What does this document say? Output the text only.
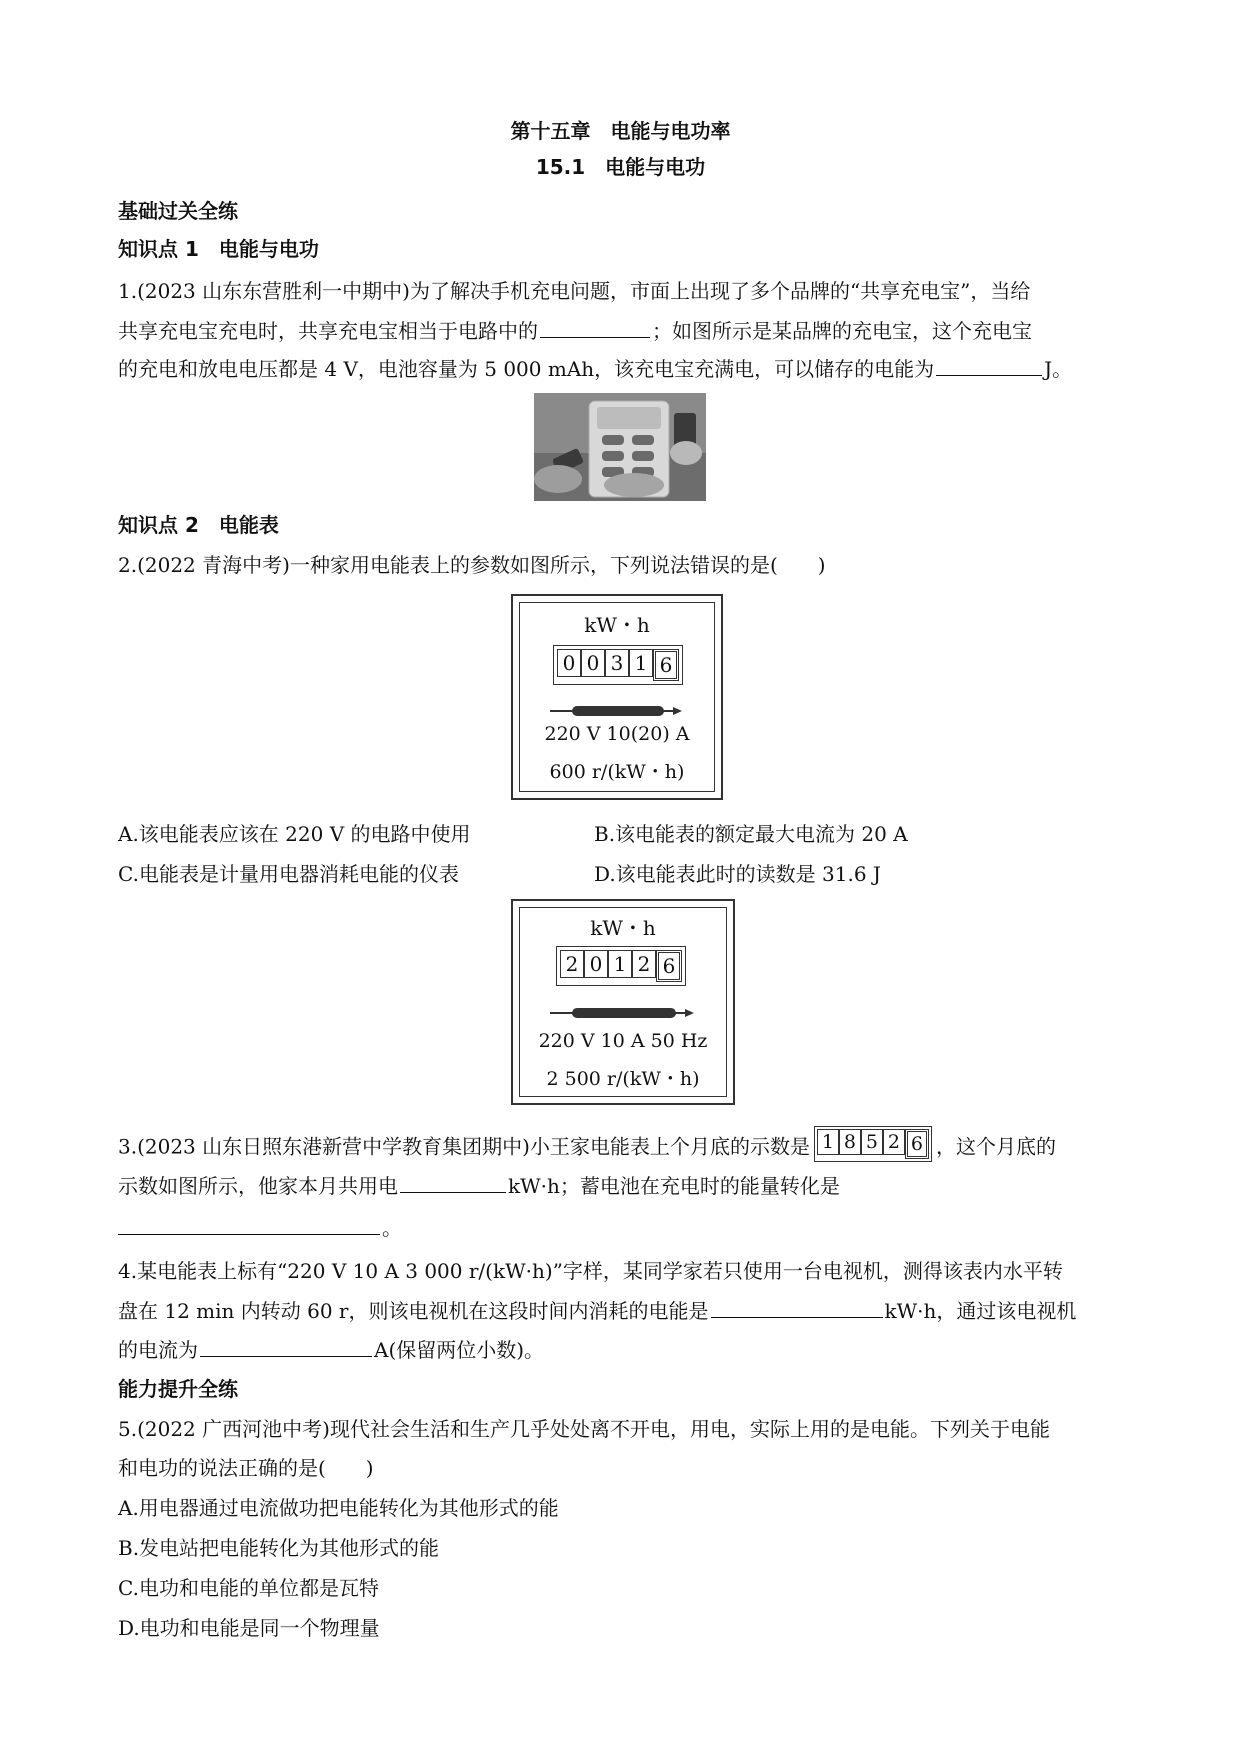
第十五章　电能与电功率
15.1　电能与电功
基础过关全练
知识点 1　电能与电功
1.(2023 山东东营胜利一中期中)为了解决手机充电问题，市面上出现了多个品牌的“共享充电宝”，当给
共享充电宝充电时，共享充电宝相当于电路中的	；如图所示是某品牌的充电宝，这个充电宝
的充电和放电电压都是 4 V，电池容量为 5 000 mAh，该充电宝充满电，可以储存的电能为	J。
知识点 2　电能表
2.(2022 青海中考)一种家用电能表上的参数如图所示，下列说法错误的是(　　)
kW・h
0 0 3 1 6
220 V 10(20) A
600 r/(kW・h)
A.该电能表应该在 220 V 的电路中使用	B.该电能表的额定最大电流为 20 A
C.电能表是计量用电器消耗电能的仪表	D.该电能表此时的读数是 31.6 J
kW・h
2 0 1 2 6
220 V 10 A 50 Hz
2 500 r/(kW・h)
3.(2023 山东日照东港新营中学教育集团期中)小王家电能表上个月底的示数是 1 8 5 2 6 ，这个月底的
示数如图所示，他家本月共用电	kW·h；蓄电池在充电时的能量转化是
。
4.某电能表上标有“220 V 10 A 3 000 r/(kW·h)”字样，某同学家若只使用一台电视机，测得该表内水平转
盘在 12 min 内转动 60 r，则该电视机在这段时间内消耗的电能是	kW·h，通过该电视机
的电流为	A(保留两位小数)。
能力提升全练
5.(2022 广西河池中考)现代社会生活和生产几乎处处离不开电，用电，实际上用的是电能。下列关于电能
和电功的说法正确的是(　　)
A.用电器通过电流做功把电能转化为其他形式的能
B.发电站把电能转化为其他形式的能
C.电功和电能的单位都是瓦特
D.电功和电能是同一个物理量
